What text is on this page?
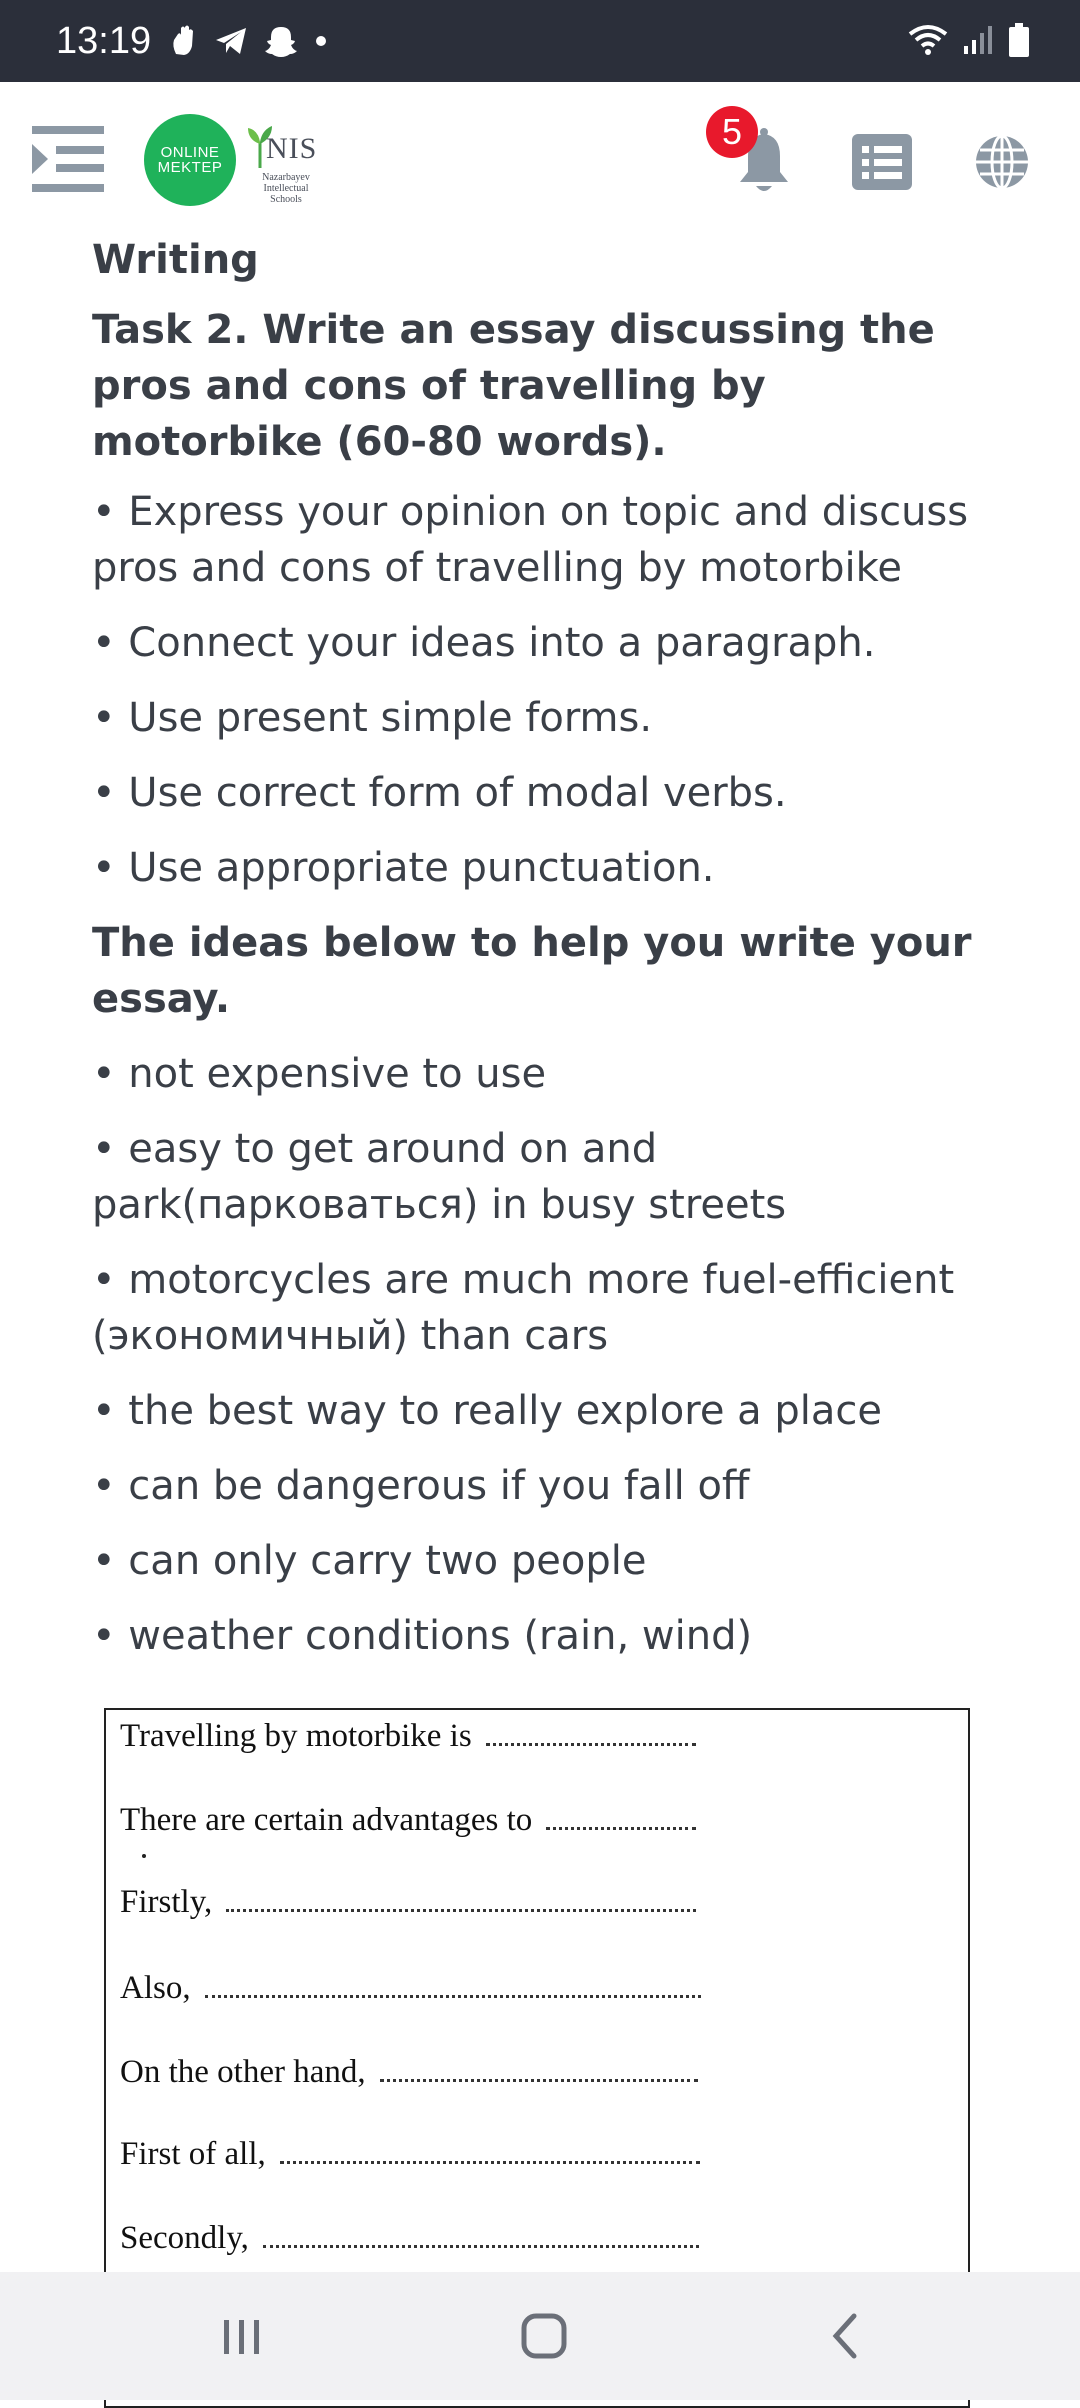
13:19
ONLINE
MEKTEP
NIS
Nazarbayev
Intellectual
Schools
5
Writing
Task 2. Write an essay discussing the pros and cons of travelling by motorbike (60-80 words).
• Express your opinion on topic and discuss pros and cons of travelling by motorbike
• Connect your ideas into a paragraph.
• Use present simple forms.
• Use correct form of modal verbs.
• Use appropriate punctuation.
The ideas below to help you write your essay.
• not expensive to use
• easy to get around on and park(парковаться) in busy streets
• motorcycles are much more fuel-efficient (экономичный) than cars
• the best way to really explore a place
• can be dangerous if you fall off
• can only carry two people
• weather conditions (rain, wind)
Travelling by motorbike is
There are certain advantages to
Firstly,
Also,
On the other hand,
First of all,
Secondly,
